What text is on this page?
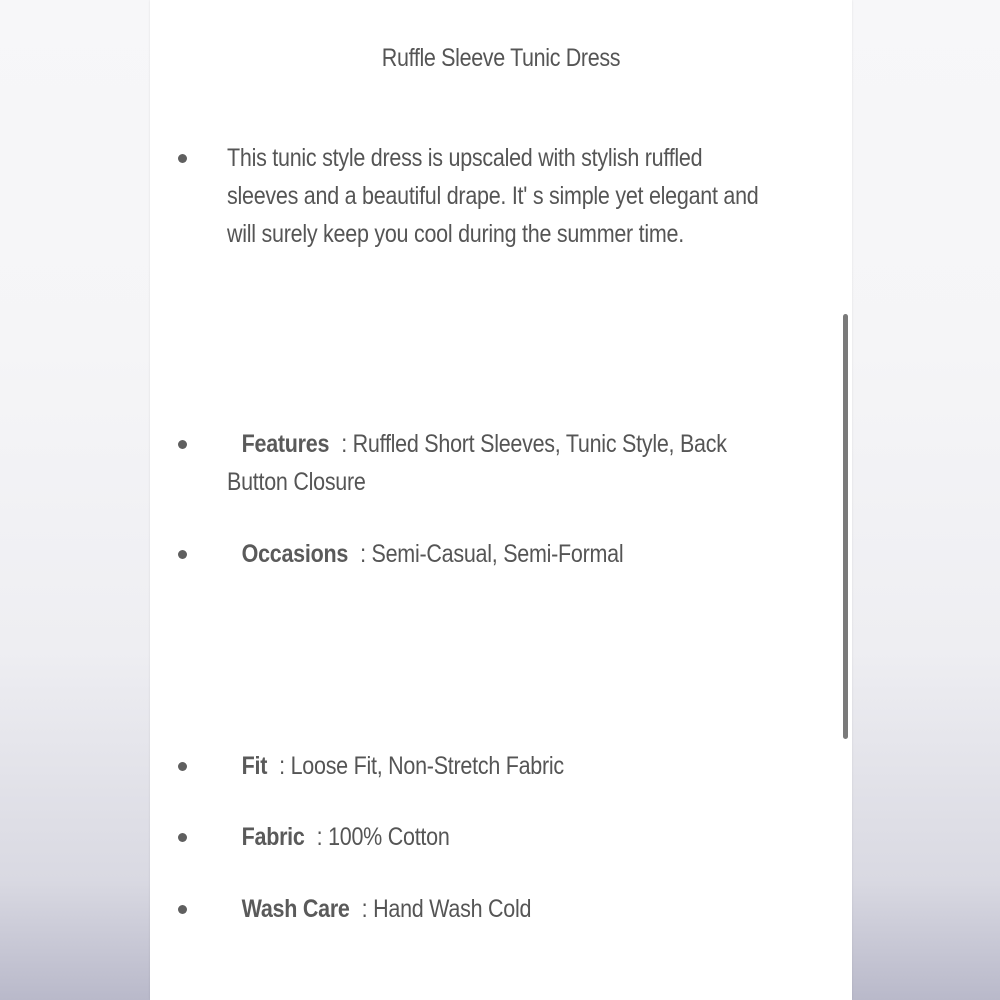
Ruffle Sleeve Tunic Dress
This tunic style dress is upscaled with stylish ruffled sleeves and a beautiful drape. It' s simple yet elegant and will surely keep you cool during the summer time.
Features : Ruffled Short Sleeves, Tunic Style, Back Button Closure
Occasions : Semi-Casual, Semi-Formal
Fit : Loose Fit, Non-Stretch Fabric
Fabric : 100% Cotton
Wash Care : Hand Wash Cold
